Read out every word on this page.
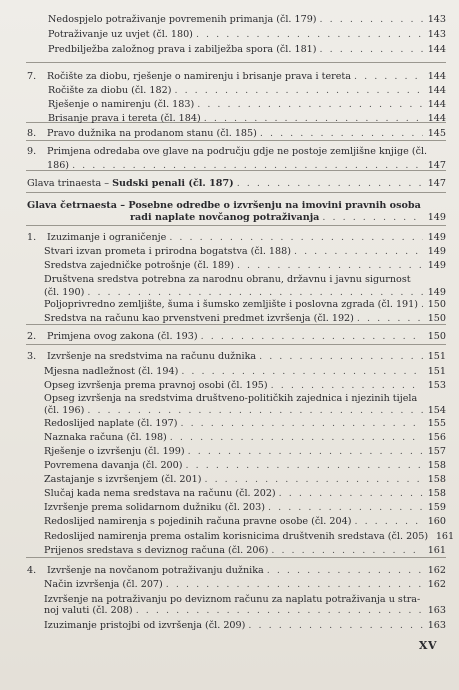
Nedospjelo potraživanje povremenih primanja (čl. 179) . . .	143
Potraživanje uz uvjet (čl. 180) . . .	143
Predbilježba založnog prava i zabilježba spora (čl. 181) . . .	144
7.	Ročište za diobu, rješenje o namirenju i brisanje prava i tereta . . .	144
Ročište za diobu (čl. 182) . . .	144
Rješenje o namirenju (čl. 183) . . .	144
Brisanje prava i tereta (čl. 184) . . .	144
8.	Pravo dužnika na prodanom stanu (čl. 185) . . .	145
9.	Primjena odredaba ove glave na području gdje ne postoje zemljišne knjige (čl.
186) . . .	147
Glava trinaesta – Sudski penali (čl. 187) . . .	147
Glava četrnaesta – Posebne odredbe o izvršenju na imovini pravnih osoba
radi naplate novčanog potraživanja . . .	149
1.	Izuzimanje i ograničenje . . .	149
Stvari izvan prometa i prirodna bogatstva (čl. 188) . . .	149
Sredstva zajedničke potrošnje (čl. 189) . . .	149
Društvena sredstva potrebna za narodnu obranu, državnu i javnu sigurnost
(čl. 190) . . .	149
Poljoprivredno zemljište, šuma i šumsko zemljište i poslovna zgrada (čl. 191) . . . 150
Sredstva na računu kao prvenstveni predmet izvršenja (čl. 192) . . .	150
2.	Primjena ovog zakona (čl. 193) . . .	150
3.	Izvršenje na sredstvima na računu dužnika . . .	151
Mjesna nadležnost (čl. 194) . . .	151
Opseg izvršenja prema pravnoj osobi (čl. 195) . . .	153
Opseg izvršenja na sredstvima društveno-političkih zajednica i njezinih tijela
(čl. 196) . . .	154
Redoslijed naplate (čl. 197) . . .	155
Naznaka računa (čl. 198) . . .	156
Rješenje o izvršenju (čl. 199) . . .	157
Povremena davanja (čl. 200) . . .	158
Zastajanje s izvršenjem (čl. 201) . . .	158
Slučaj kada nema sredstava na računu (čl. 202) . . .	158
Izvršenje prema solidarnom dužniku (čl. 203) . . .	159
Redoslijed namirenja s pojedinih računa pravne osobe (čl. 204) . . .	160
Redoslijed namirenja prema ostalim korisnicima društvenih sredstava (čl. 205) 161
Prijenos sredstava s deviznog računa (čl. 206) . . .	161
4.	Izvršenje na novčanom potraživanju dužnika . . .	162
Način izvršenja (čl. 207) . . .	162
Izvršenje na potraživanju po deviznom računu za naplatu potraživanja u stra-
noj valuti (čl. 208) . . .	163
Izuzimanje pristojbi od izvršenja (čl. 209) . . .	163
XV
